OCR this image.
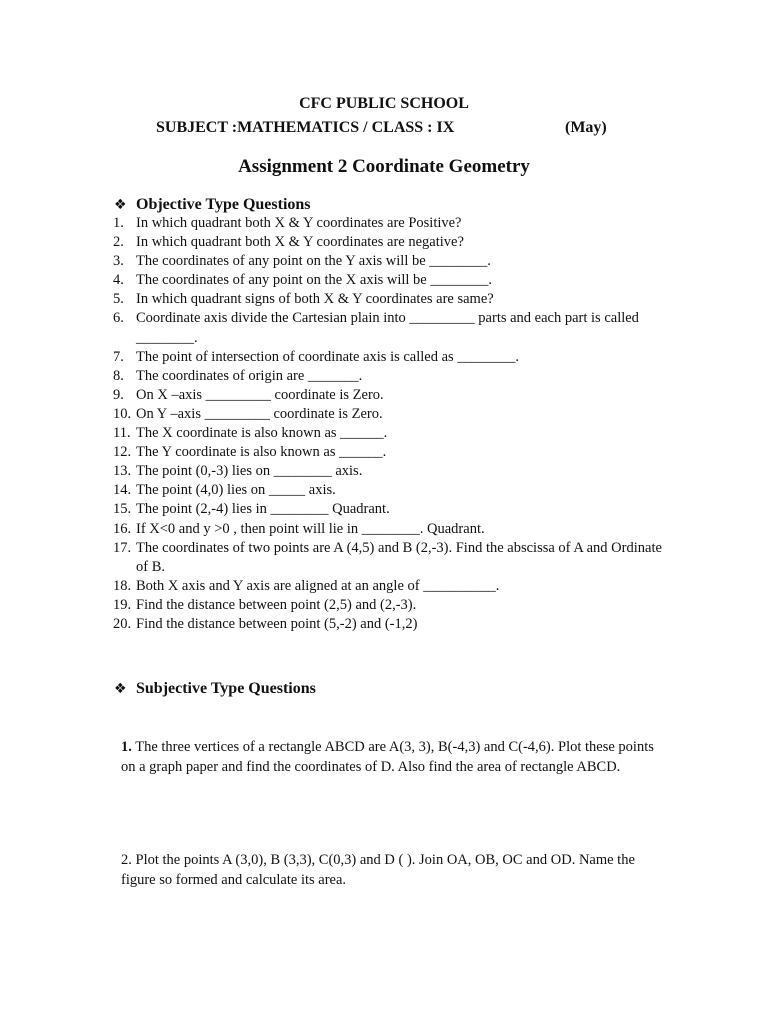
CFC PUBLIC SCHOOL
SUBJECT :MATHEMATICS / CLASS : IX	(May)
Assignment 2 Coordinate Geometry
❖ Objective Type Questions
1. In which quadrant both X & Y coordinates are Positive?
2. In which quadrant both X & Y coordinates are negative?
3. The coordinates of any point on the Y axis will be ________.
4. The coordinates of any point on the X axis will be ________.
5. In which quadrant signs of both X & Y coordinates are same?
6. Coordinate axis divide the Cartesian plain into _________ parts and each part is called ________.
7. The point of intersection of coordinate axis is called as ________.
8. The coordinates of origin are _______.
9. On X –axis _________ coordinate is Zero.
10. On Y –axis _________ coordinate is Zero.
11. The X coordinate is also known as ______.
12. The Y coordinate is also known as ______.
13. The point (0,-3) lies on ________ axis.
14. The point (4,0) lies on _____ axis.
15. The point (2,-4) lies in ________ Quadrant.
16. If X<0 and y >0 , then point will lie in ________. Quadrant.
17. The coordinates of two points are A (4,5) and B (2,-3). Find the abscissa of A and Ordinate of B.
18. Both X axis and Y axis are aligned at an angle of __________.
19. Find the distance between point (2,5) and (2,-3).
20. Find the distance between point (5,-2) and (-1,2)
❖ Subjective Type Questions
1. The three vertices of a rectangle ABCD are A(3, 3), B(-4,3) and C(-4,6). Plot these points on a graph paper and find the coordinates of D. Also find the area of rectangle ABCD.
2. Plot the points A (3,0), B (3,3), C(0,3) and D ( ). Join OA, OB, OC and OD. Name the figure so formed and calculate its area.
